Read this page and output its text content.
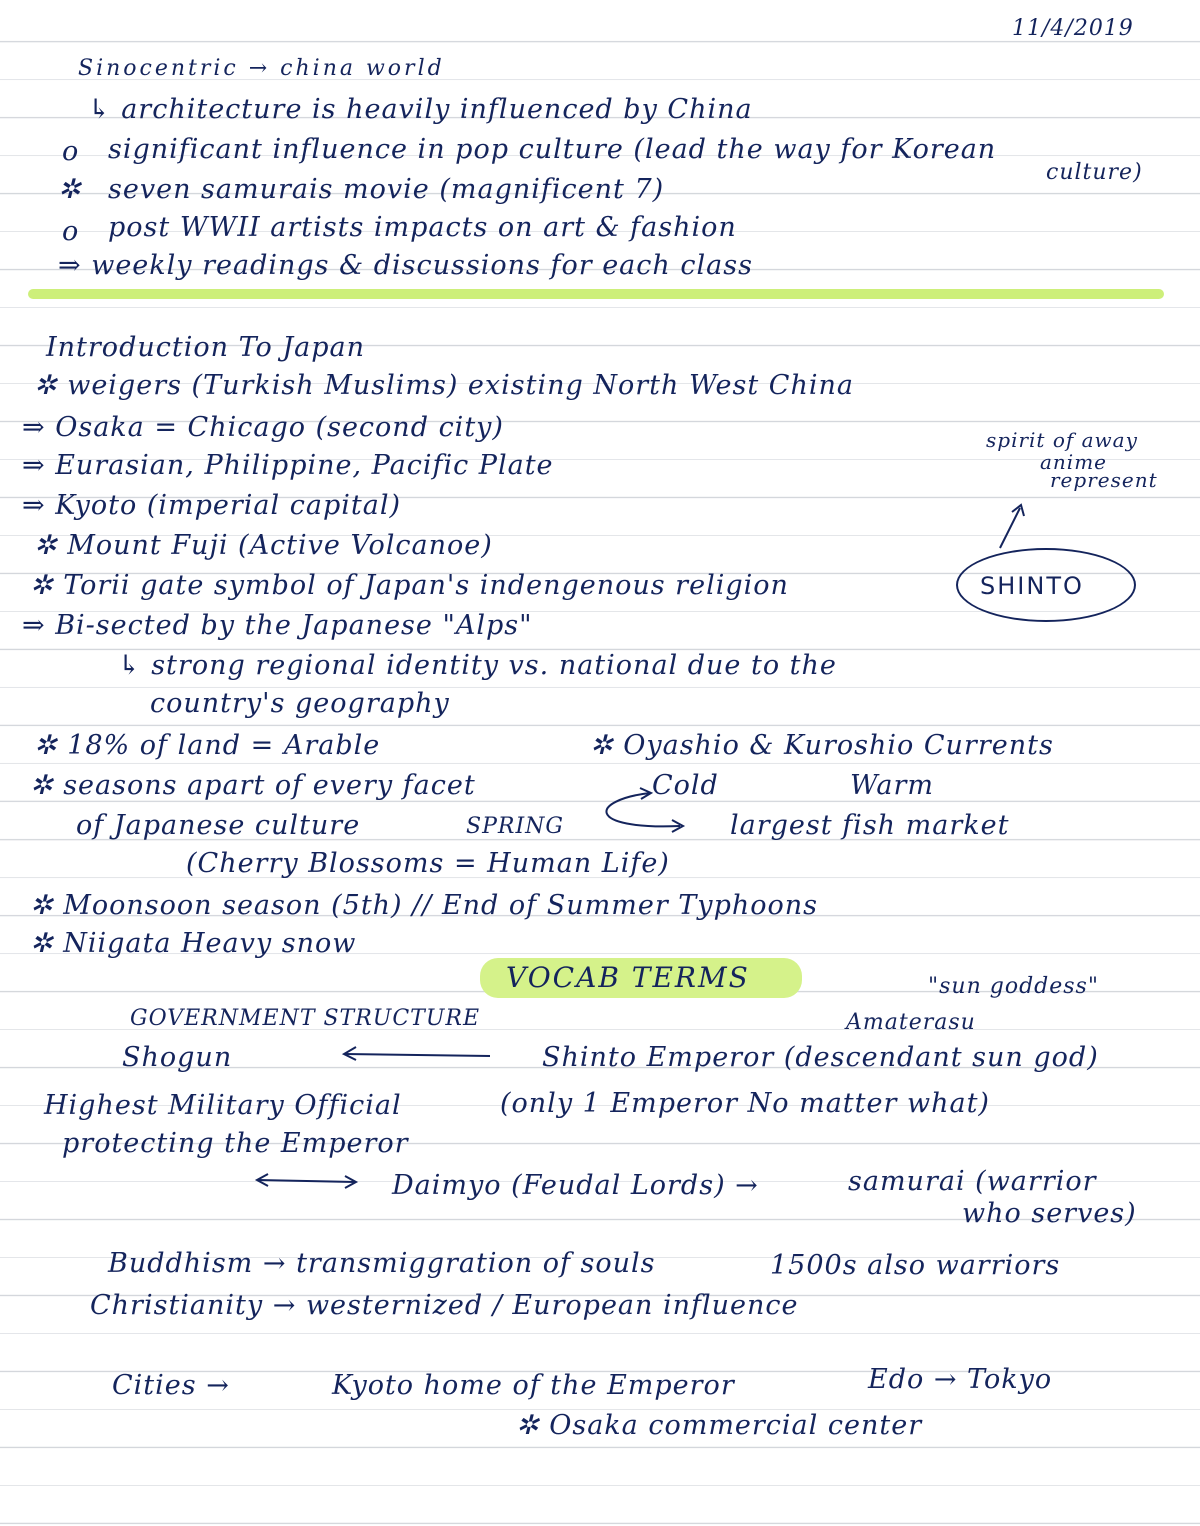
11/4/2019
Sinocentric → china world
↳ architecture is heavily influenced by China
o significant influence in pop culture (lead the way for Korean
culture)
✲ seven samurais movie (magnificent 7)
o post WWII artists impacts on art & fashion
⇒ weekly readings & discussions for each class
Introduction To Japan
✲ weigers (Turkish Muslims) existing North West China
⇒ Osaka = Chicago (second city)
⇒ Eurasian, Philippine, Pacific Plate
⇒ Kyoto (imperial capital)
✲ Mount Fuji (Active Volcanoe)
✲ Torii gate symbol of Japan's indengenous religion	SHINTO
spirit of away
anime
represent
⇒ Bi-sected by the Japanese "Alps"
↳ strong regional identity vs. national due to the
country's geography
✲ 18% of land = Arable	✲ Oyashio & Kuroshio Currents
✲ seasons apart of every facet	Cold	Warm
of Japanese culture	SPRING	largest fish market
(Cherry Blossoms = Human Life)
✲ Moonsoon season (5th) // End of Summer Typhoons
✲ Niigata Heavy snow
VOCAB TERMS
GOVERNMENT STRUCTURE
"sun goddess"
Amaterasu
Shogun	Shinto Emperor (descendant sun god)
Highest Military Official	(only 1 Emperor No matter what)
protecting the Emperor
Daimyo (Feudal Lords) →	samurai (warrior
who serves)
Buddhism → transmiggration of souls	1500s also warriors
Christianity → westernized / European influence
Cities →	Kyoto home of the Emperor	Edo → Tokyo
✲ Osaka commercial center
